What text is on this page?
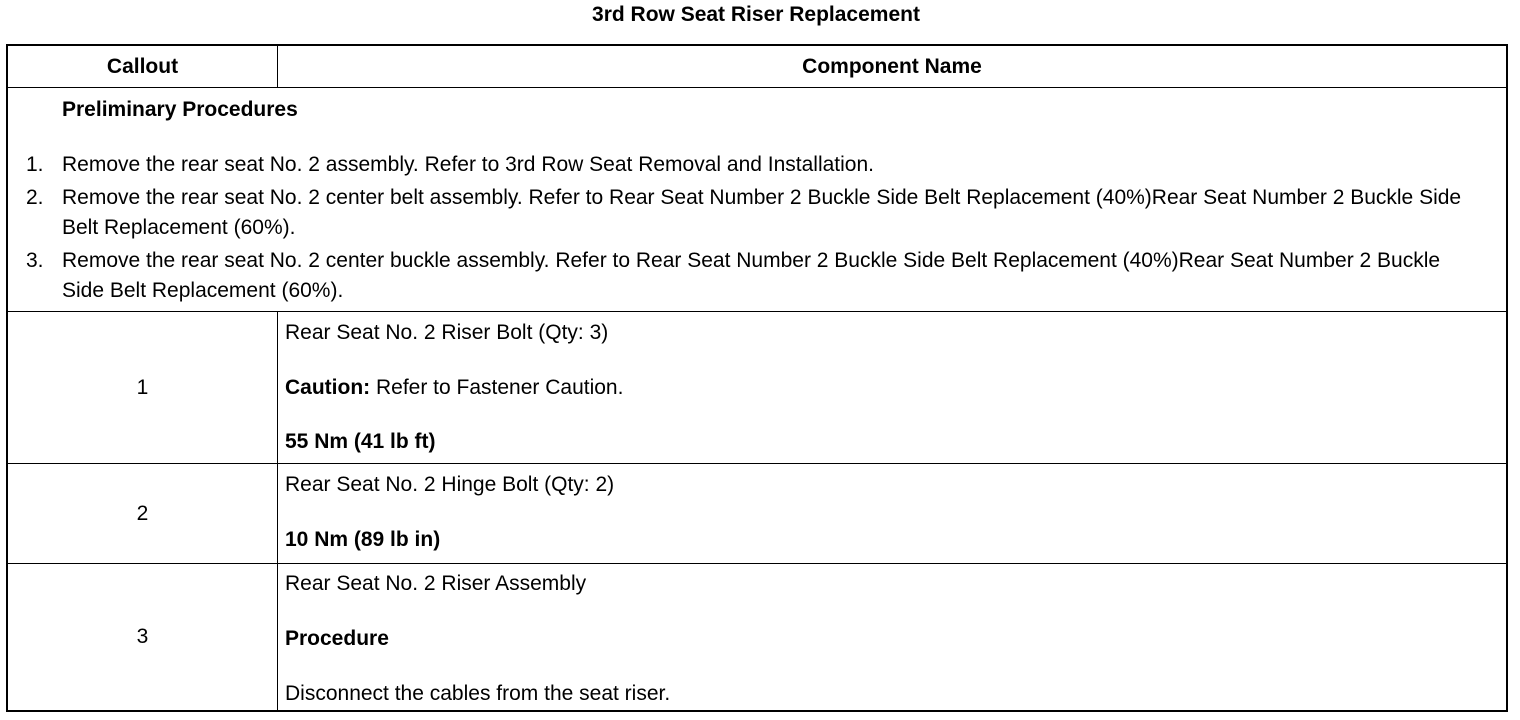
3rd Row Seat Riser Replacement
Callout	Component Name
Preliminary Procedures
1. Remove the rear seat No. 2 assembly. Refer to 3rd Row Seat Removal and Installation.
2. Remove the rear seat No. 2 center belt assembly. Refer to Rear Seat Number 2 Buckle Side Belt Replacement (40%)Rear Seat Number 2 Buckle Side Belt Replacement (60%).
3. Remove the rear seat No. 2 center buckle assembly. Refer to Rear Seat Number 2 Buckle Side Belt Replacement (40%)Rear Seat Number 2 Buckle Side Belt Replacement (60%).
1
Rear Seat No. 2 Riser Bolt (Qty: 3)
Caution: Refer to Fastener Caution.
55 Nm (41 lb ft)
2
Rear Seat No. 2 Hinge Bolt (Qty: 2)
10 Nm (89 lb in)
3
Rear Seat No. 2 Riser Assembly
Procedure
Disconnect the cables from the seat riser.
